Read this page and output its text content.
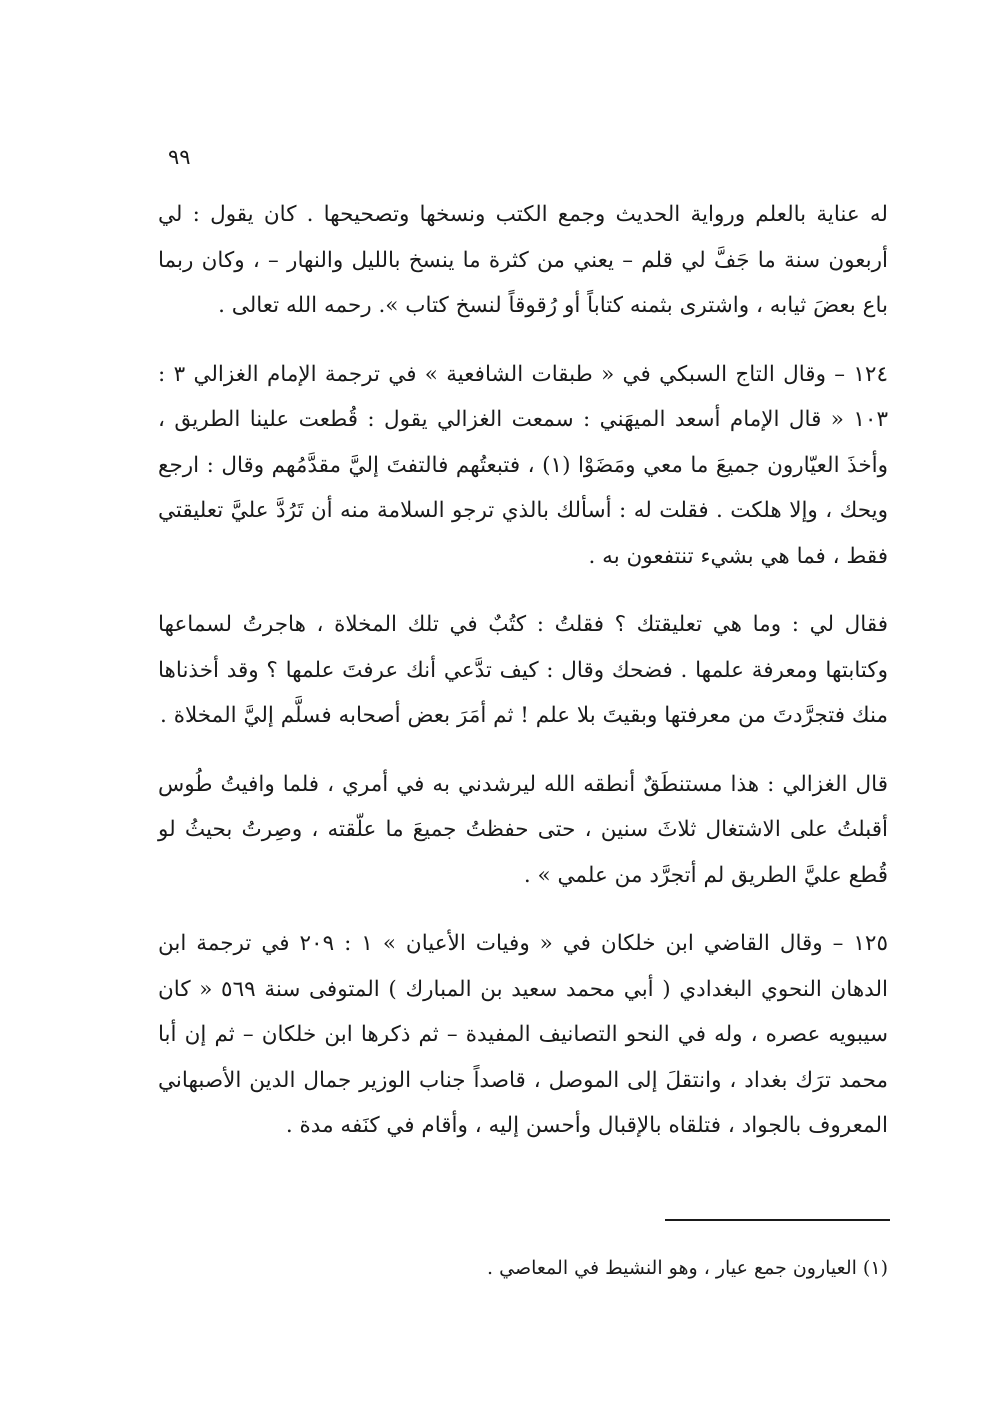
٩٩

له عناية بالعلم ورواية الحديث وجمع الكتب ونسخها وتصحيحها . كان يقول : لي أربعون سنة ما جَفَّ لي قلم – يعني من كثرة ما ينسخ بالليل والنهار – ، وكان ربما باع بعضَ ثيابه ، واشترى بثمنه كتاباً أو رُقوقاً لنسخ كتاب ». رحمه الله تعالى .

١٢٤ – وقال التاج السبكي في « طبقات الشافعية » في ترجمة الإمام الغزالي ٣ : ١٠٣ « قال الإمام أسعد الميهَني : سمعت الغزالي يقول : قُطعت علينا الطريق ، وأخذَ العيّارون جميعَ ما معي ومَضَوْا (١) ، فتبعتُهم فالتفتَ إليَّ مقدَّمُهم وقال : ارجع ويحك ، وإلا هلكت . فقلت له : أسألك بالذي ترجو السلامة منه أن تَرُدَّ عليَّ تعليقتي فقط ، فما هي بشيء تنتفعون به .

فقال لي : وما هي تعليقتك ؟ فقلتُ : كتُبٌ في تلك المخلاة ، هاجرتُ لسماعها وكتابتها ومعرفة علمها . فضحك وقال : كيف تدَّعي أنك عرفتَ علمها ؟ وقد أخذناها منك فتجرَّدتَ من معرفتها وبقيتَ بلا علم ! ثم أمَرَ بعض أصحابه فسلَّم إليَّ المخلاة .

قال الغزالي : هذا مستنطَقٌ أنطقه الله ليرشدني به في أمري ، فلما وافيتُ طُوس أقبلتُ على الاشتغال ثلاثَ سنين ، حتى حفظتُ جميعَ ما علّقته ، وصِرتُ بحيثُ لو قُطع عليَّ الطريق لم أتجرَّد من علمي » .

١٢٥ – وقال القاضي ابن خلكان في « وفيات الأعيان » ١ : ٢٠٩ في ترجمة ابن الدهان النحوي البغدادي ( أبي محمد سعيد بن المبارك ) المتوفى سنة ٥٦٩ « كان سيبويه عصره ، وله في النحو التصانيف المفيدة – ثم ذكرها ابن خلكان – ثم إن أبا محمد ترَك بغداد ، وانتقلَ إلى الموصل ، قاصداً جناب الوزير جمال الدين الأصبهاني المعروف بالجواد ، فتلقاه بالإقبال وأحسن إليه ، وأقام في كنَفه مدة .

(١) العيارون جمع عيار ، وهو النشيط في المعاصي .
